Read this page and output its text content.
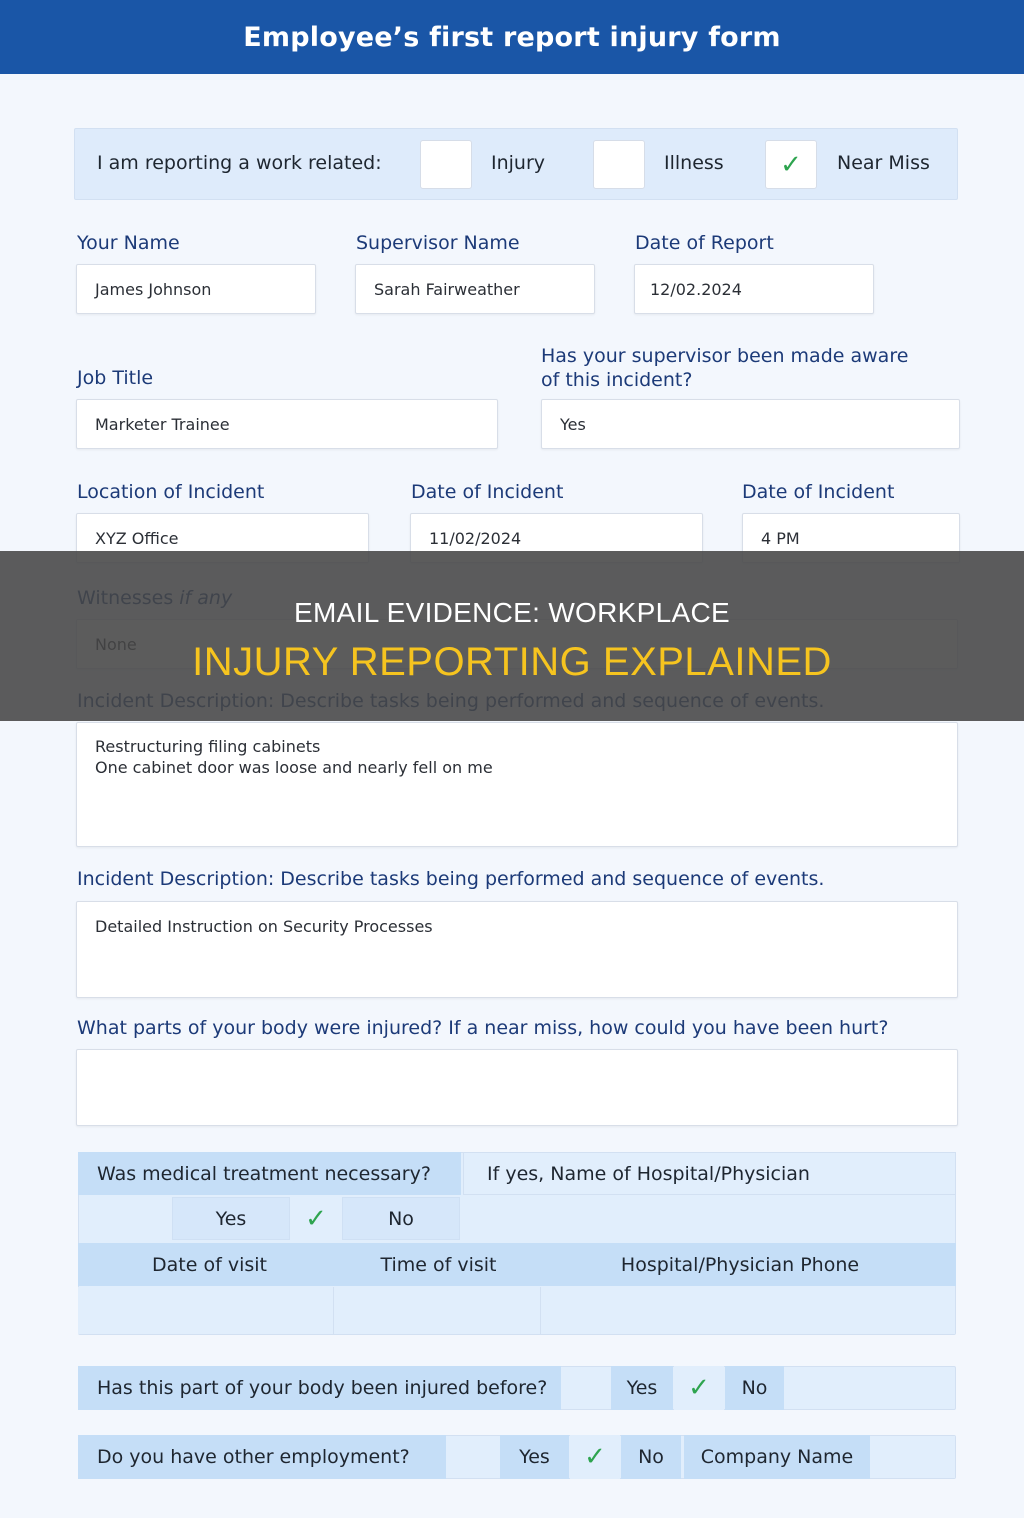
Employee’s first report injury form
I am reporting a work related:	Injury	Illness ✓ Near Miss
Your Name
James Johnson
Supervisor Name
Sarah Fairweather
Date of Report
12/02.2024
Job Title
Marketer Trainee
Has your supervisor been made aware
of this incident?
Yes
Location of Incident
XYZ Office
Date of Incident
11/02/2024
Date of Incident
4 PM
Restructuring filing cabinets
One cabinet door was loose and nearly fell on me
Incident Description: Describe tasks being performed and sequence of events.
Detailed Instruction on Security Processes
What parts of your body were injured? If a near miss, how could you have been hurt?
Was medical treatment necessary?	If yes, Name of Hospital/Physician
Yes	✓	No
Date of visit	Time of visit	Hospital/Physician Phone
Has this part of your body been injured before?	Yes	✓	No
Do you have other employment?	Yes	✓	No	Company Name
EMAIL EVIDENCE: WORKPLACE
INJURY REPORTING EXPLAINED
